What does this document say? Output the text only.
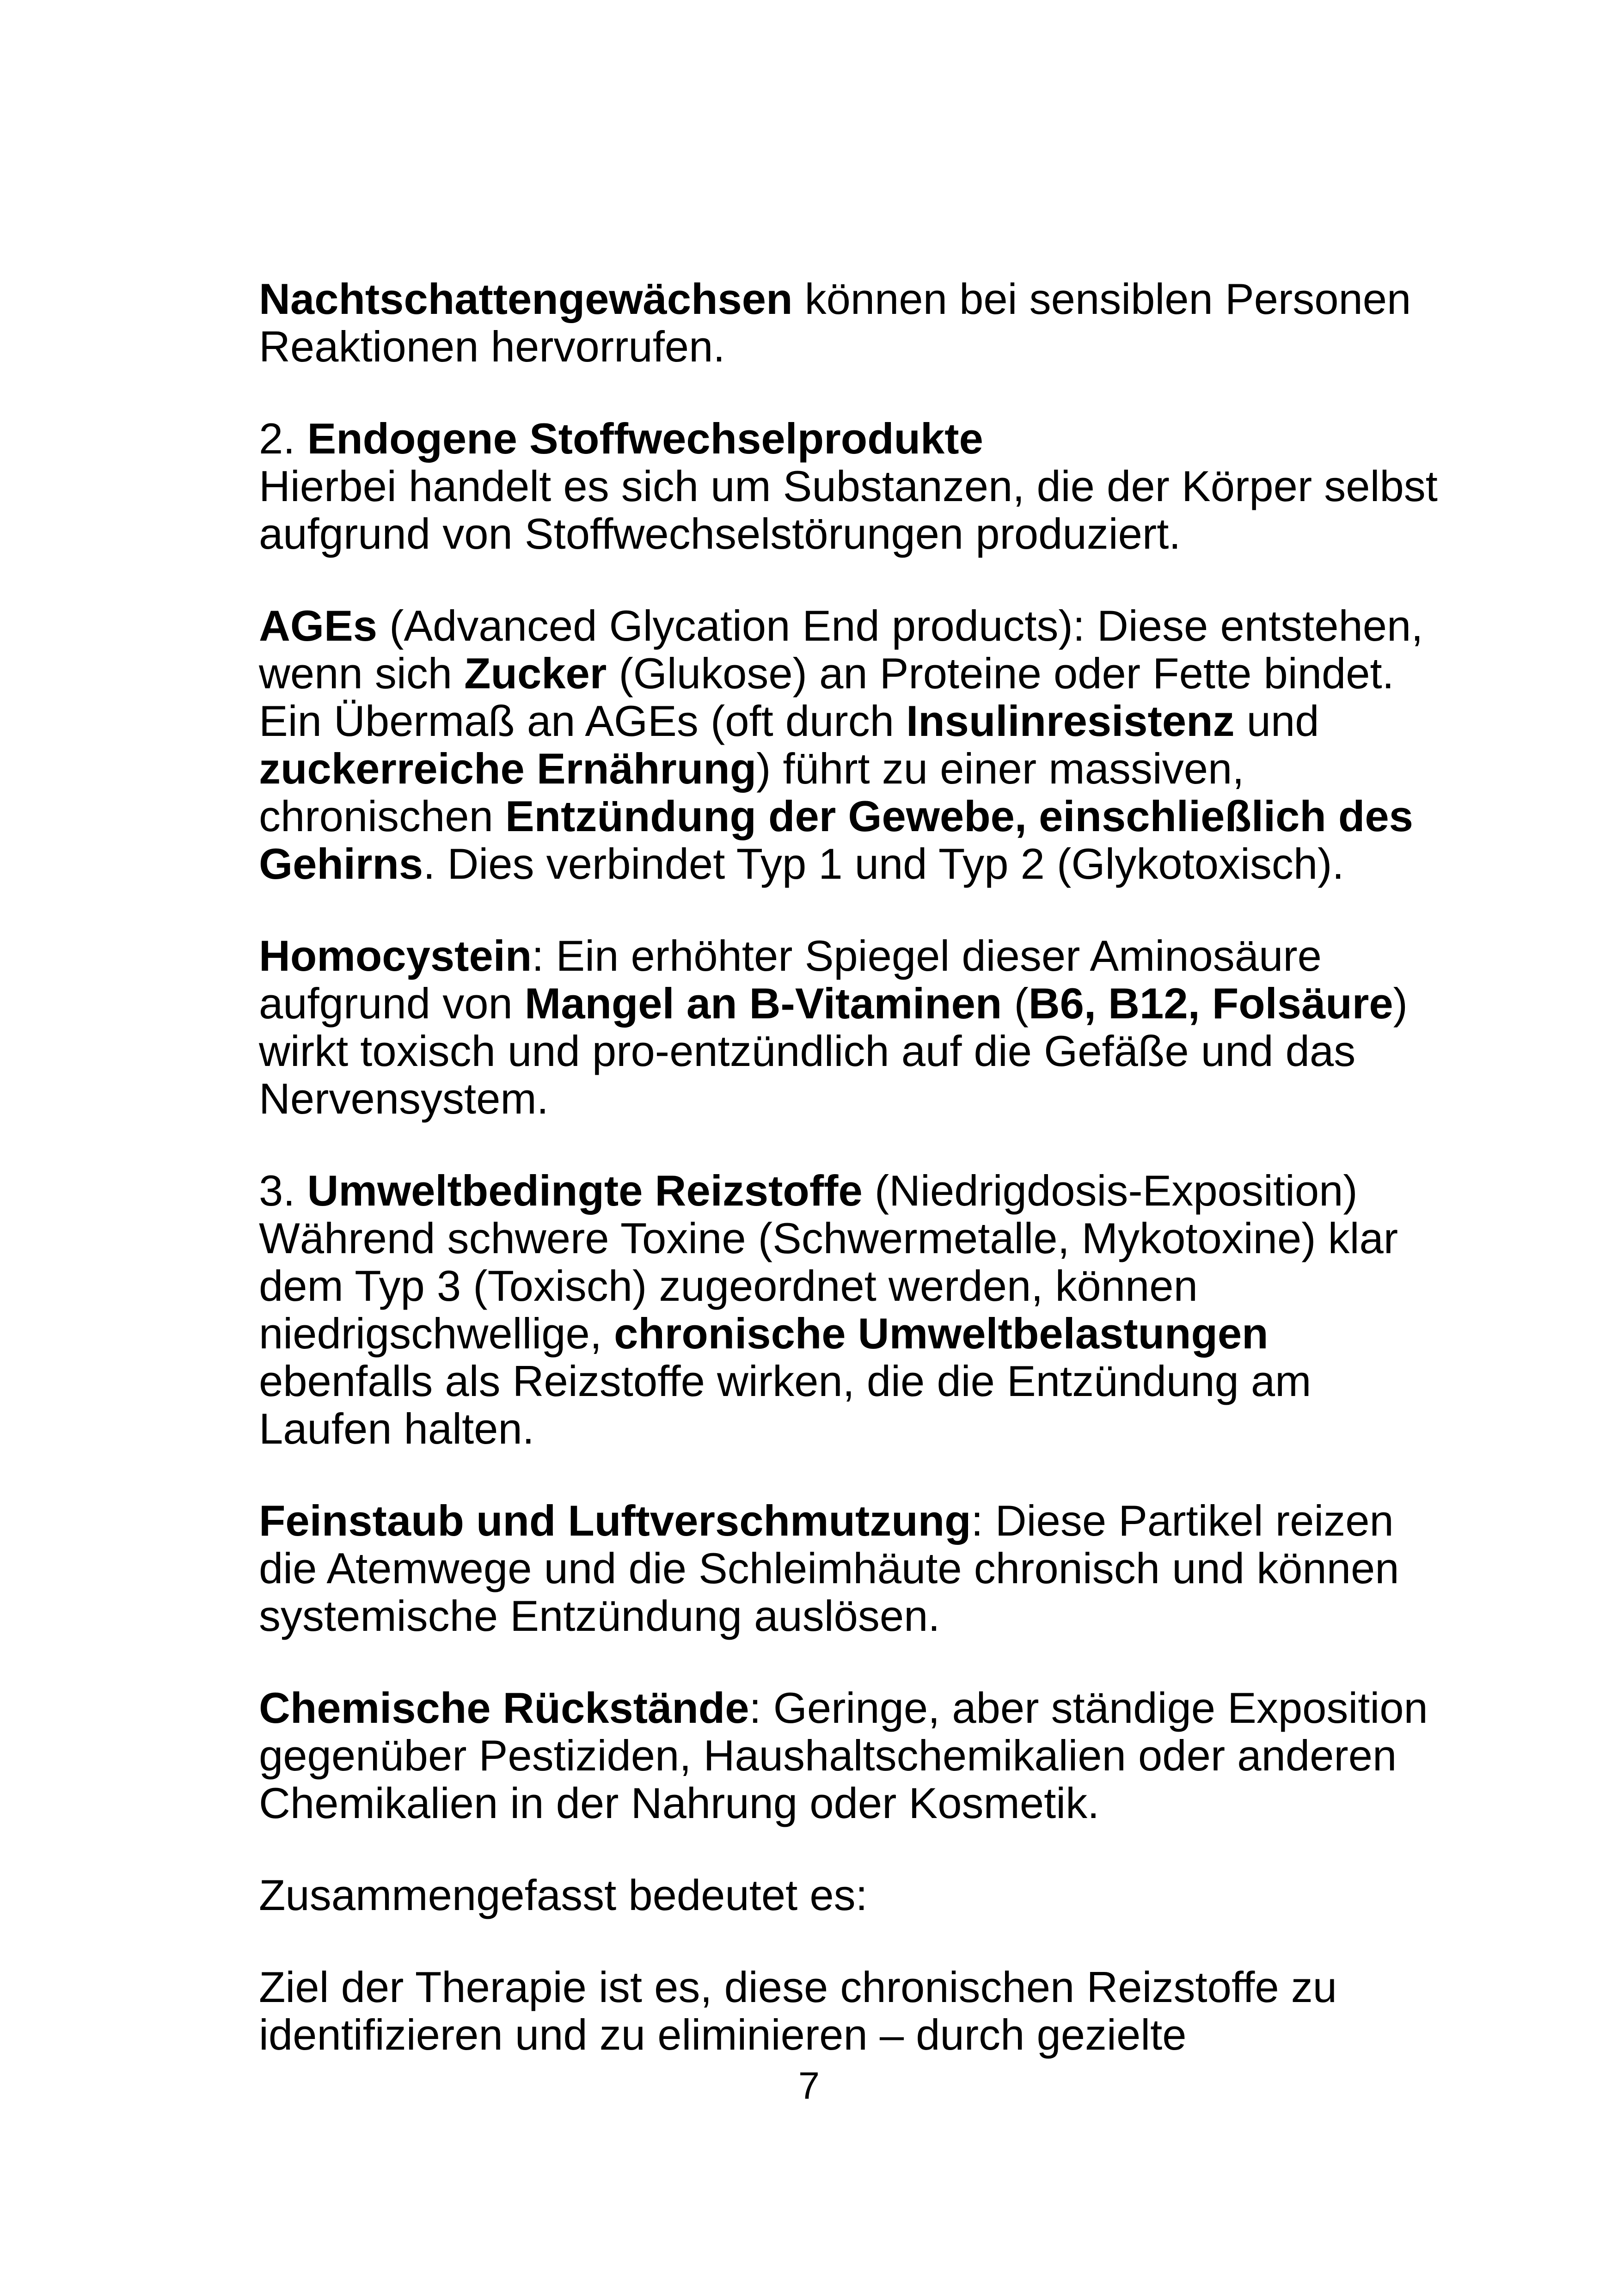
Nachtschattengewächsen können bei sensiblen Personen
Reaktionen hervorrufen.
2. Endogene Stoffwechselprodukte
Hierbei handelt es sich um Substanzen, die der Körper selbst
aufgrund von Stoffwechselstörungen produziert.
AGEs (Advanced Glycation End products): Diese entstehen,
wenn sich Zucker (Glukose) an Proteine oder Fette bindet.
Ein Übermaß an AGEs (oft durch Insulinresistenz und
zuckerreiche Ernährung) führt zu einer massiven,
chronischen Entzündung der Gewebe, einschließlich des
Gehirns. Dies verbindet Typ 1 und Typ 2 (Glykotoxisch).
Homocystein: Ein erhöhter Spiegel dieser Aminosäure
aufgrund von Mangel an B-Vitaminen (B6, B12, Folsäure)
wirkt toxisch und pro-entzündlich auf die Gefäße und das
Nervensystem.
3. Umweltbedingte Reizstoffe (Niedrigdosis-Exposition)
Während schwere Toxine (Schwermetalle, Mykotoxine) klar
dem Typ 3 (Toxisch) zugeordnet werden, können
niedrigschwellige, chronische Umweltbelastungen
ebenfalls als Reizstoffe wirken, die die Entzündung am
Laufen halten.
Feinstaub und Luftverschmutzung: Diese Partikel reizen
die Atemwege und die Schleimhäute chronisch und können
systemische Entzündung auslösen.
Chemische Rückstände: Geringe, aber ständige Exposition
gegenüber Pestiziden, Haushaltschemikalien oder anderen
Chemikalien in der Nahrung oder Kosmetik.
Zusammengefasst bedeutet es:
Ziel der Therapie ist es, diese chronischen Reizstoffe zu
identifizieren und zu eliminieren – durch gezielte
7
